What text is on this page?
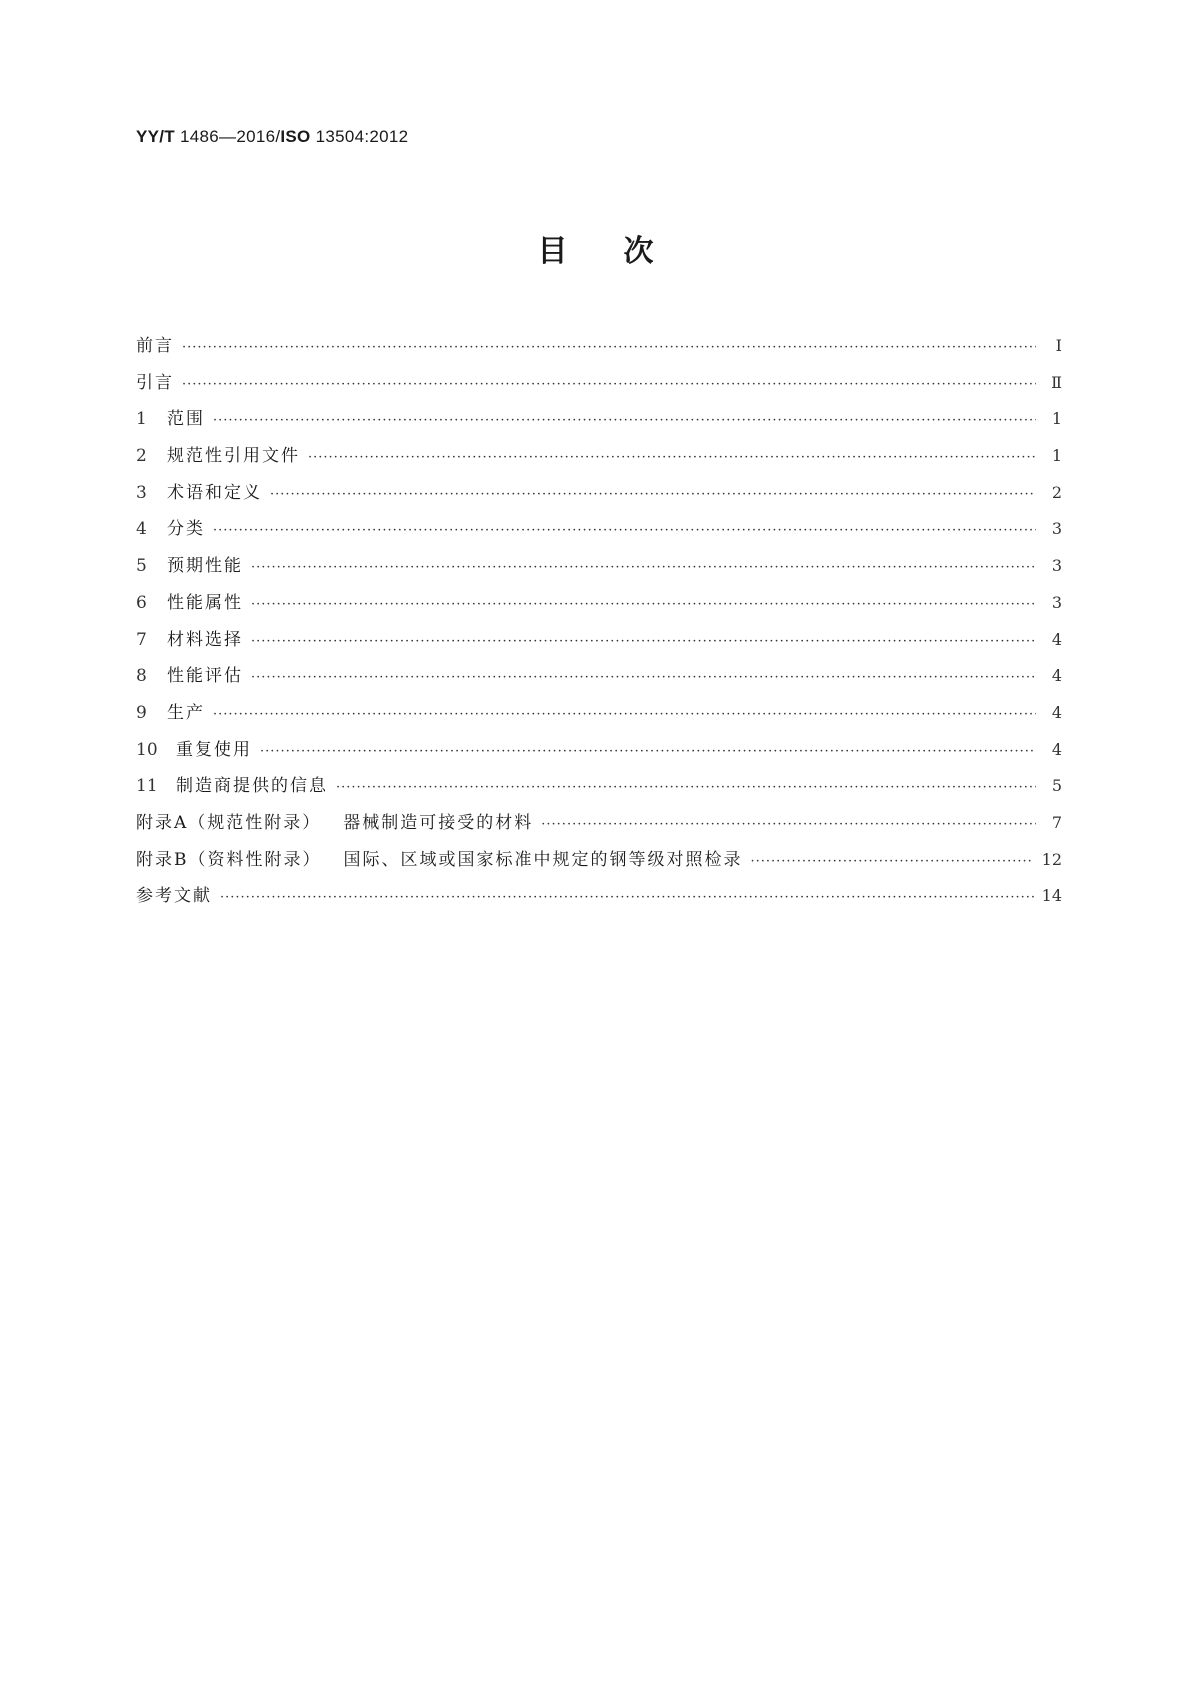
YY/T 1486—2016/ISO 13504:2012
目次
前言 ·····	Ⅰ
引言 ·····	Ⅱ
1	范围 ·····	1
2	规范性引用文件 ·····	1
3	术语和定义 ·····	2
4	分类 ·····	3
5	预期性能 ·····	3
6	性能属性 ·····	3
7	材料选择 ·····	4
8	性能评估 ·····	4
9	生产 ·····	4
10	重复使用 ·····	4
11	制造商提供的信息 ·····	5
附录A（规范性附录） 器械制造可接受的材料 ·····	7
附录B（资料性附录） 国际、区域或国家标准中规定的钢等级对照检录 ·····	12
参考文献 ·····	14
